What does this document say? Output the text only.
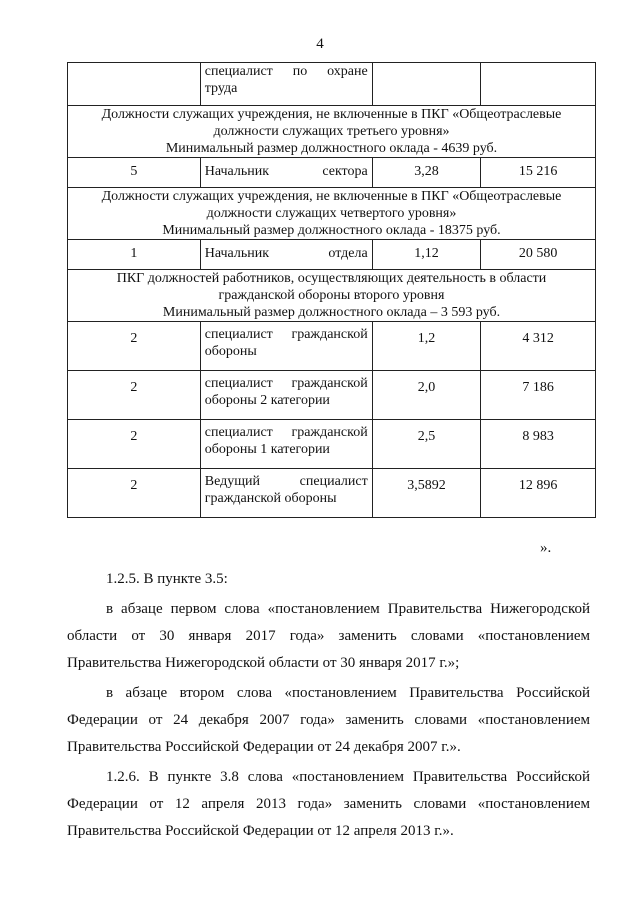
4
	специалист по охране труда		

Должности служащих учреждения, не включенные в ПКГ «Общеотраслевые
должности служащих третьего уровня»
Минимальный размер должностного оклада - 4639 руб.			

5	Начальник сектора	3,28	15 216

Должности служащих учреждения, не включенные в ПКГ «Общеотраслевые
должности служащих четвертого уровня»
Минимальный размер должностного оклада - 18375 руб.			

1	Начальник отдела	1,12	20 580

ПКГ должностей работников, осуществляющих деятельность в области
гражданской обороны второго уровня
Минимальный размер должностного оклада – 3 593 руб.			

2	специалист гражданской обороны	1,2	4 312
2	специалист гражданской обороны 2 категории	2,0	7 186
2	специалист гражданской обороны 1 категории	2,5	8 983
2	Ведущий специалист гражданской обороны	3,5892	12 896
».

1.2.5. В пункте 3.5:

в абзаце первом слова «постановлением Правительства Нижегородской области от 30 января 2017 года» заменить словами «постановлением Правительства Нижегородской области от 30 января 2017 г.»;

в абзаце втором слова «постановлением Правительства Российской Федерации от 24 декабря 2007 года» заменить словами «постановлением Правительства Российской Федерации от 24 декабря 2007 г.».

1.2.6. В пункте 3.8 слова «постановлением Правительства Российской Федерации от 12 апреля 2013 года» заменить словами «постановлением Правительства Российской Федерации от 12 апреля 2013 г.».
